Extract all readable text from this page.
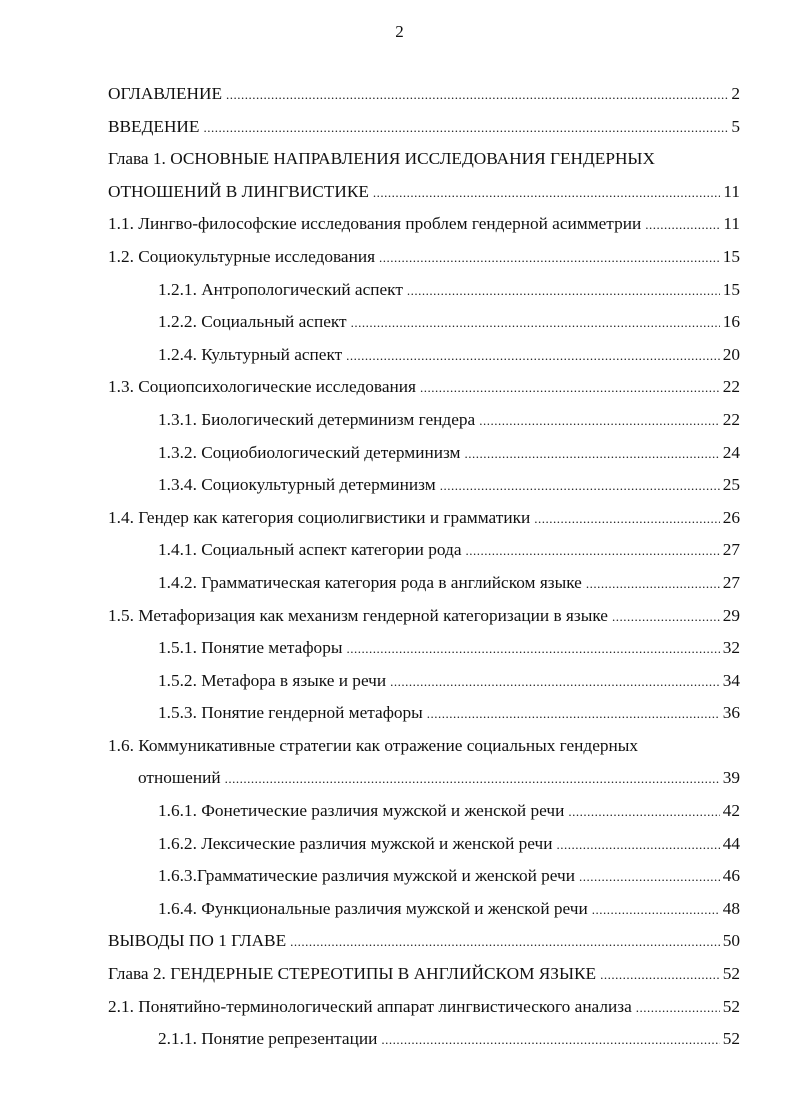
2
ОГЛАВЛЕНИЕ .....	2
ВВЕДЕНИЕ .....	5
Глава 1. ОСНОВНЫЕ НАПРАВЛЕНИЯ ИССЛЕДОВАНИЯ ГЕНДЕРНЫХ
ОТНОШЕНИЙ В ЛИНГВИСТИКЕ .....	11
1.1. Лингво-философские исследования проблем гендерной асимметрии .....	11
1.2. Социокультурные исследования .....	15
1.2.1. Антропологический аспект .....	15
1.2.2. Социальный аспект .....	16
1.2.4. Культурный аспект .....	20
1.3. Социопсихологические исследования .....	22
1.3.1. Биологический детерминизм гендера .....	22
1.3.2. Социобиологический детерминизм .....	24
1.3.4. Социокультурный детерминизм .....	25
1.4. Гендер как категория социолигвистики и грамматики .....	26
1.4.1. Социальный аспект категории рода .....	27
1.4.2. Грамматическая категория рода в английском языке .....	27
1.5. Метафоризация как механизм гендерной категоризации в языке .....	29
1.5.1. Понятие метафоры .....	32
1.5.2. Метафора в языке и речи .....	34
1.5.3. Понятие гендерной метафоры .....	36
1.6. Коммуникативные стратегии как отражение социальных гендерных
отношений .....	39
1.6.1. Фонетические различия мужской и женской речи .....	42
1.6.2. Лексические различия мужской и женской речи .....	44
1.6.3.Грамматические различия мужской и женской речи .....	46
1.6.4. Функциональные различия мужской и женской речи .....	48
ВЫВОДЫ ПО 1 ГЛАВЕ .....	50
Глава 2. ГЕНДЕРНЫЕ СТЕРЕОТИПЫ В АНГЛИЙСКОМ ЯЗЫКЕ .....	52
2.1. Понятийно-терминологический аппарат лингвистического анализа .....	52
2.1.1. Понятие репрезентации .....	52
